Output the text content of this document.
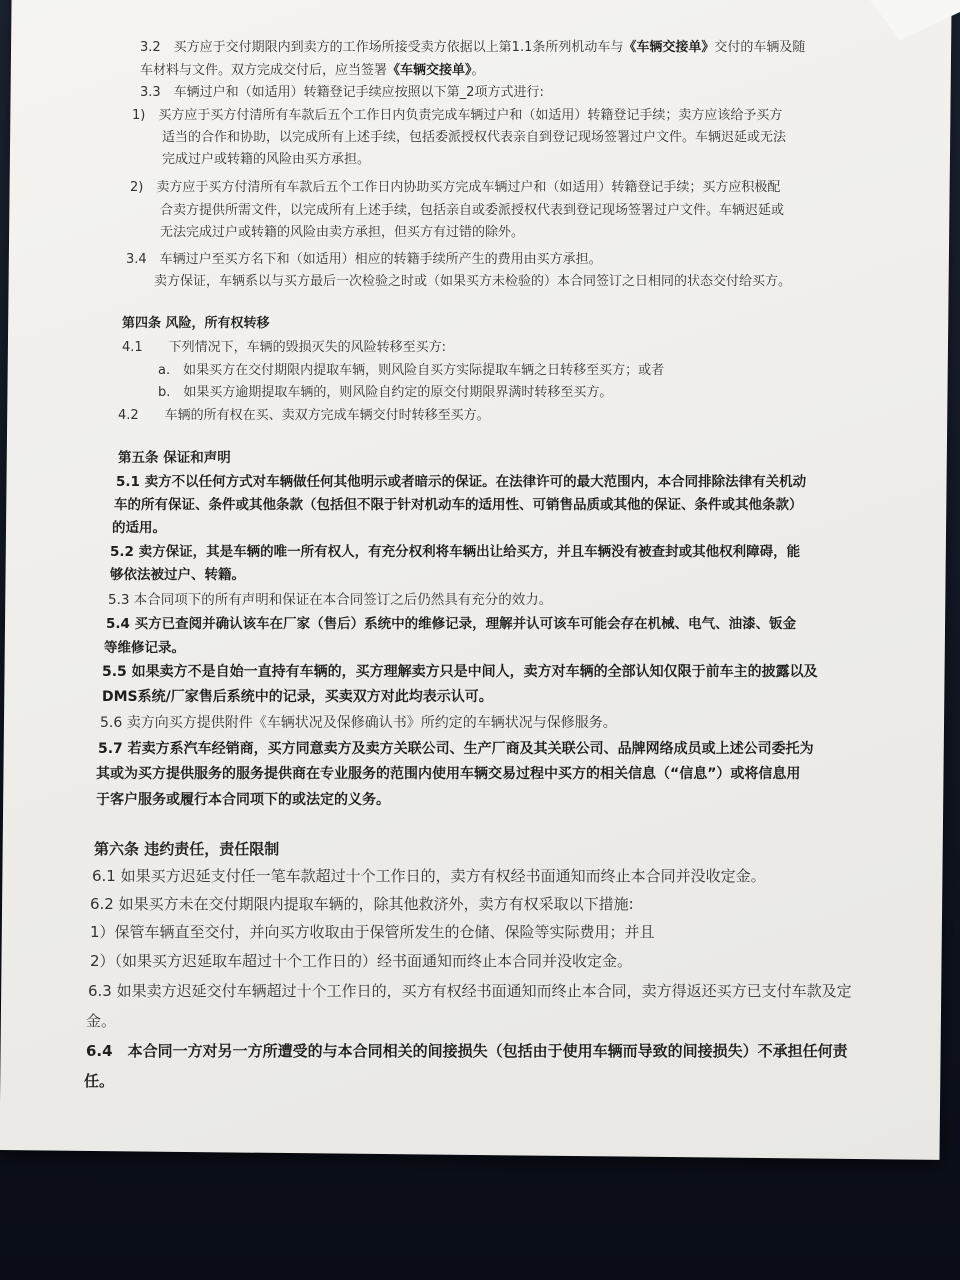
3.2　买方应于交付期限内到卖方的工作场所接受卖方依据以上第1.1条所列机动车与《车辆交接单》交付的车辆及随
车材料与文件。双方完成交付后，应当签署《车辆交接单》。
3.3　车辆过户和（如适用）转籍登记手续应按照以下第_2项方式进行:
1)　买方应于买方付清所有车款后五个工作日内负责完成车辆过户和（如适用）转籍登记手续；卖方应该给予买方
适当的合作和协助，以完成所有上述手续，包括委派授权代表亲自到登记现场签署过户文件。车辆迟延或无法
完成过户或转籍的风险由买方承担。
2)　卖方应于买方付清所有车款后五个工作日内协助买方完成车辆过户和（如适用）转籍登记手续；买方应积极配
合卖方提供所需文件，以完成所有上述手续，包括亲自或委派授权代表到登记现场签署过户文件。车辆迟延或
无法完成过户或转籍的风险由卖方承担，但买方有过错的除外。
3.4　车辆过户至买方名下和（如适用）相应的转籍手续所产生的费用由买方承担。
卖方保证，车辆系以与买方最后一次检验之时或（如果买方未检验的）本合同签订之日相同的状态交付给买方。
第四条 风险，所有权转移
4.1　　下列情况下，车辆的毁损灭失的风险转移至买方:
a.　如果买方在交付期限内提取车辆，则风险自买方实际提取车辆之日转移至买方；或者
b.　如果买方逾期提取车辆的，则风险自约定的原交付期限界满时转移至买方。
4.2　　车辆的所有权在买、卖双方完成车辆交付时转移至买方。
第五条 保证和声明
5.1 卖方不以任何方式对车辆做任何其他明示或者暗示的保证。在法律许可的最大范围内，本合同排除法律有关机动
车的所有保证、条件或其他条款（包括但不限于针对机动车的适用性、可销售品质或其他的保证、条件或其他条款）
的适用。
5.2 卖方保证，其是车辆的唯一所有权人，有充分权利将车辆出让给买方，并且车辆没有被查封或其他权利障碍，能
够依法被过户、转籍。
5.3 本合同项下的所有声明和保证在本合同签订之后仍然具有充分的效力。
5.4 买方已查阅并确认该车在厂家（售后）系统中的维修记录，理解并认可该车可能会存在机械、电气、油漆、钣金
等维修记录。
5.5 如果卖方不是自始一直持有车辆的，买方理解卖方只是中间人，卖方对车辆的全部认知仅限于前车主的披露以及
DMS系统/厂家售后系统中的记录，买卖双方对此均表示认可。
5.6 卖方向买方提供附件《车辆状况及保修确认书》所约定的车辆状况与保修服务。
5.7 若卖方系汽车经销商，买方同意卖方及卖方关联公司、生产厂商及其关联公司、品牌网络成员或上述公司委托为
其或为买方提供服务的服务提供商在专业服务的范围内使用车辆交易过程中买方的相关信息（“信息”）或将信息用
于客户服务或履行本合同项下的或法定的义务。
第六条 违约责任，责任限制
6.1 如果买方迟延支付任一笔车款超过十个工作日的，卖方有权经书面通知而终止本合同并没收定金。
6.2 如果买方未在交付期限内提取车辆的，除其他救济外，卖方有权采取以下措施:
1）保管车辆直至交付，并向买方收取由于保管所发生的仓储、保险等实际费用；并且
2）（如果买方迟延取车超过十个工作日的）经书面通知而终止本合同并没收定金。
6.3 如果卖方迟延交付车辆超过十个工作日的，买方有权经书面通知而终止本合同，卖方得返还买方已支付车款及定
金。
6.4　本合同一方对另一方所遭受的与本合同相关的间接损失（包括由于使用车辆而导致的间接损失）不承担任何责
任。
